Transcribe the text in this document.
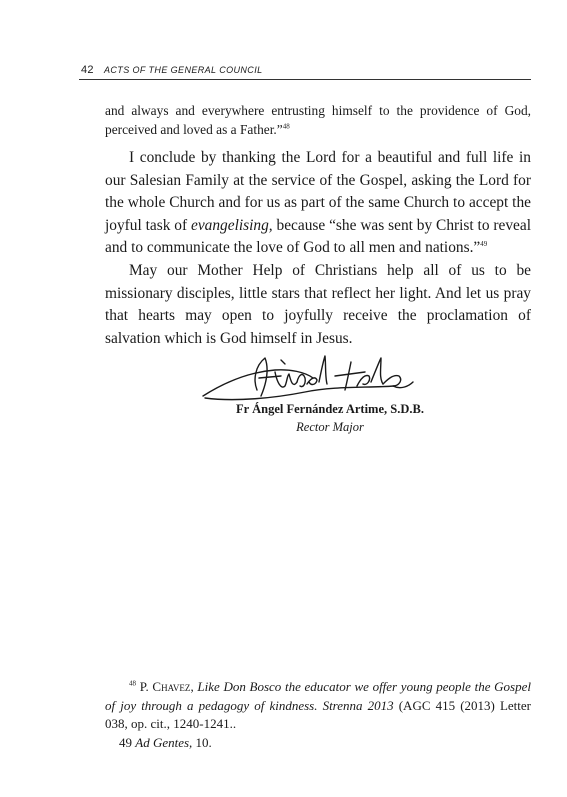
42 ACTS OF THE GENERAL COUNCIL

and always and everywhere entrusting himself to the providence of God, perceived and loved as a Father.”$^{48}$

I conclude by thanking the Lord for a beautiful and full life in our Salesian Family at the service of the Gospel, asking the Lord for the whole Church and for us as part of the same Church to accept the joyful task of evangelising, because “she was sent by Christ to reveal and to communicate the love of God to all men and nations.”$^{49}$

May our Mother Help of Christians help all of us to be missionary disciples, little stars that reflect her light. And let us pray that hearts may open to joyfully receive the proclamation of salvation which is God himself in Jesus.

Fr Ángel Fernández Artime, S.D.B.
Rector Major

$^{48}$ P. Chavez, Like Don Bosco the educator we offer young people the Gospel of joy through a pedagogy of kindness. Strenna 2013 (AGC 415 (2013) Letter 038, op. cit., 1240-1241..

49 Ad Gentes, 10.
